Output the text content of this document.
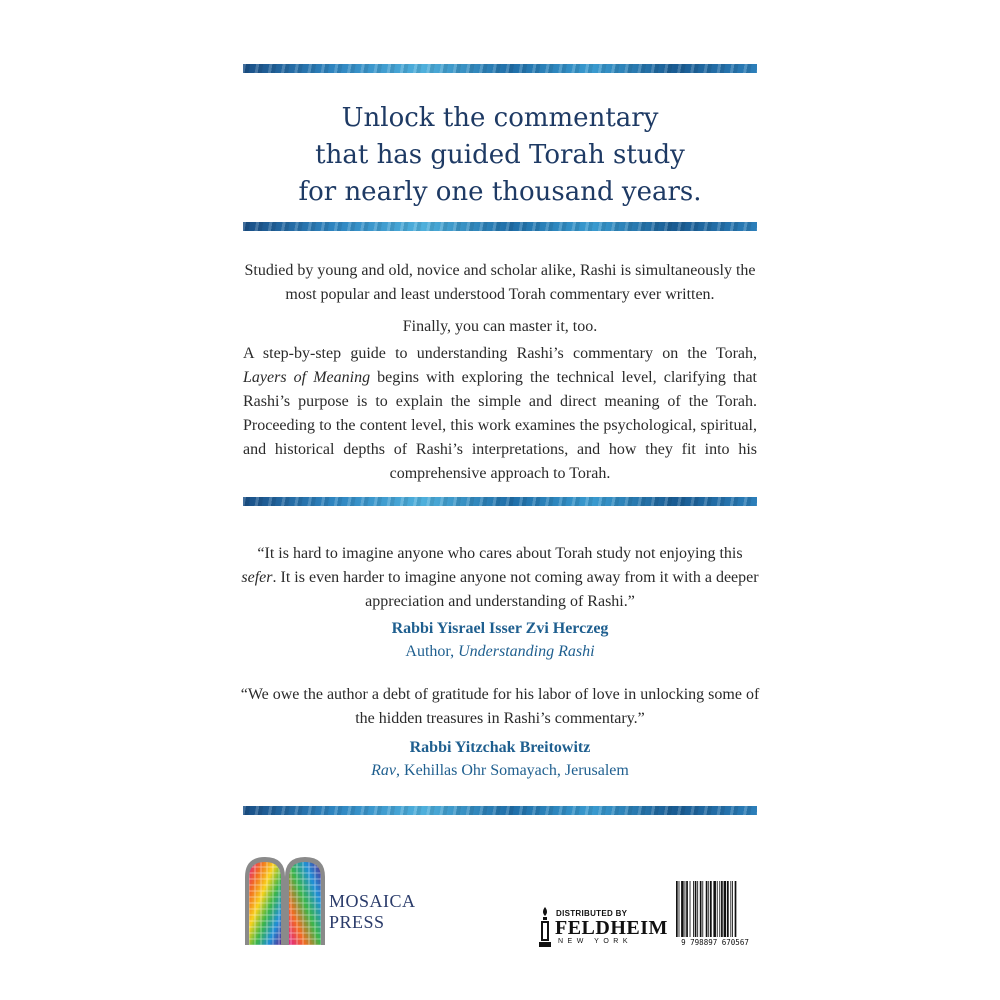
Unlock the commentary
that has guided Torah study
for nearly one thousand years.
Studied by young and old, novice and scholar alike, Rashi is simultaneously the most popular and least understood Torah commentary ever written.
Finally, you can master it, too.
A step-by-step guide to understanding Rashi’s commentary on the Torah, Layers of Meaning begins with exploring the technical level, clarifying that Rashi’s purpose is to explain the simple and direct meaning of the Torah. Proceeding to the content level, this work examines the psychological, spiritual, and historical depths of Rashi’s interpretations, and how they fit into his comprehensive approach to Torah.
“It is hard to imagine anyone who cares about Torah study not enjoying this sefer. It is even harder to imagine anyone not coming away from it with a deeper appreciation and understanding of Rashi.”
Rabbi Yisrael Isser Zvi Herczeg
Author, Understanding Rashi
“We owe the author a debt of gratitude for his labor of love in unlocking some of the hidden treasures in Rashi’s commentary.”
Rabbi Yitzchak Breitowitz
Rav, Kehillas Ohr Somayach, Jerusalem
MOSAICA
PRESS	DISTRIBUTED BY
FELDHEIM
NEW YORK	9 798897 670567
